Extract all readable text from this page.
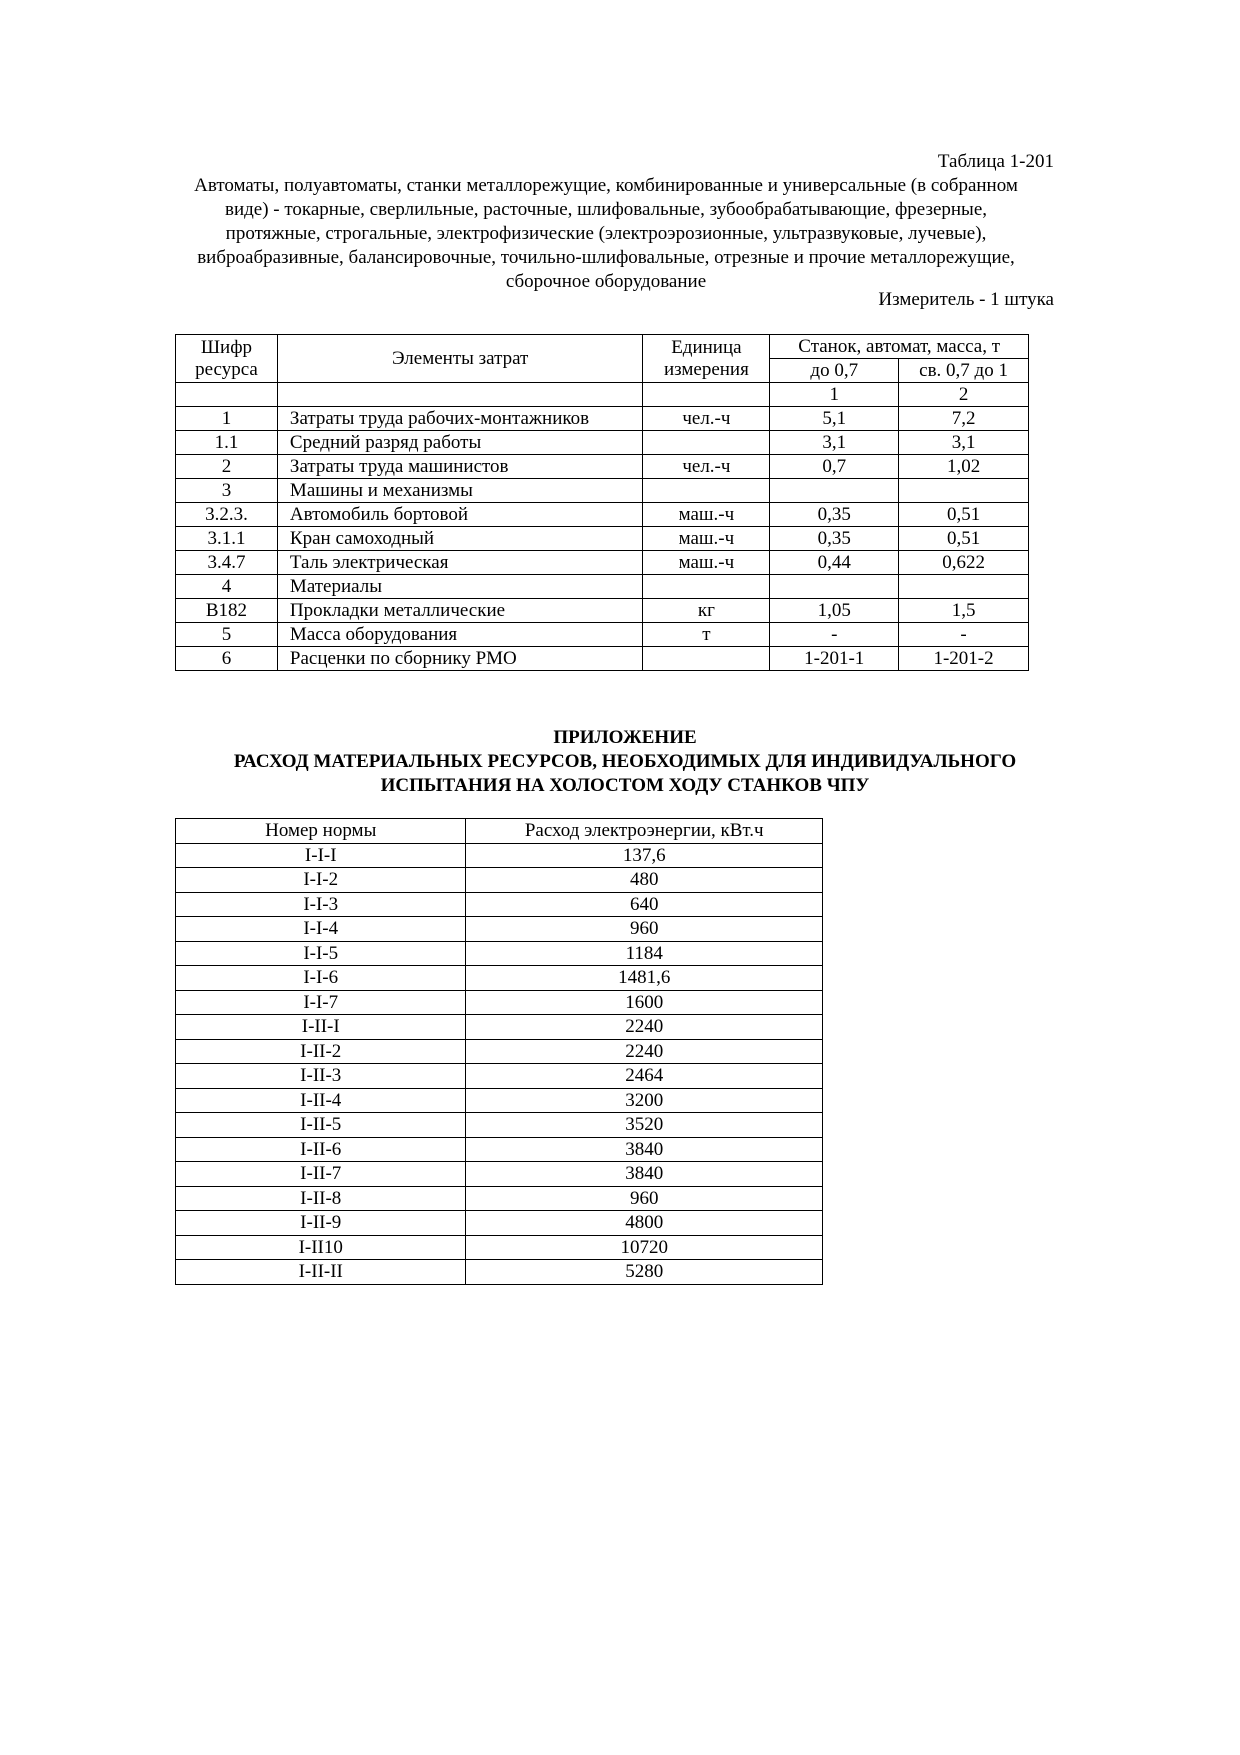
Таблица 1-201
Автоматы, полуавтоматы, станки металлорежущие, комбинированные и универсальные (в собранном виде) - токарные, сверлильные, расточные, шлифовальные, зубообрабатывающие, фрезерные, протяжные, строгальные, электрофизические (электроэрозионные, ультразвуковые, лучевые), виброабразивные, балансировочные, точильно-шлифовальные, отрезные и прочие металлорежущие, сборочное оборудование
Измеритель - 1 штука
Шифр ресурса	Элементы затрат	Единица измерения	Станок, автомат, масса, т	
			до 0,7	св. 0,7 до 1
			1	2
1	Затраты труда рабочих-монтажников	чел.-ч	5,1	7,2
1.1	Средний разряд работы		3,1	3,1
2	Затраты труда машинистов	чел.-ч	0,7	1,02
3	Машины и механизмы			
3.2.3.	Автомобиль бортовой	маш.-ч	0,35	0,51
3.1.1	Кран самоходный	маш.-ч	0,35	0,51
3.4.7	Таль электрическая	маш.-ч	0,44	0,622
4	Материалы			
В182	Прокладки металлические	кг	1,05	1,5
5	Масса оборудования	т	-	-
6	Расценки по сборнику РМО		1-201-1	1-201-2
ПРИЛОЖЕНИЕ
РАСХОД МАТЕРИАЛЬНЫХ РЕСУРСОВ, НЕОБХОДИМЫХ ДЛЯ ИНДИВИДУАЛЬНОГО
ИСПЫТАНИЯ НА ХОЛОСТОМ ХОДУ СТАНКОВ ЧПУ
Номер нормы	Расход электроэнергии, кВт.ч
I-I-I	137,6
I-I-2	480
I-I-3	640
I-I-4	960
I-I-5	1184
I-I-6	1481,6
I-I-7	1600
I-II-I	2240
I-II-2	2240
I-II-3	2464
I-II-4	3200
I-II-5	3520
I-II-6	3840
I-II-7	3840
I-II-8	960
I-II-9	4800
I-II10	10720
I-II-II	5280
